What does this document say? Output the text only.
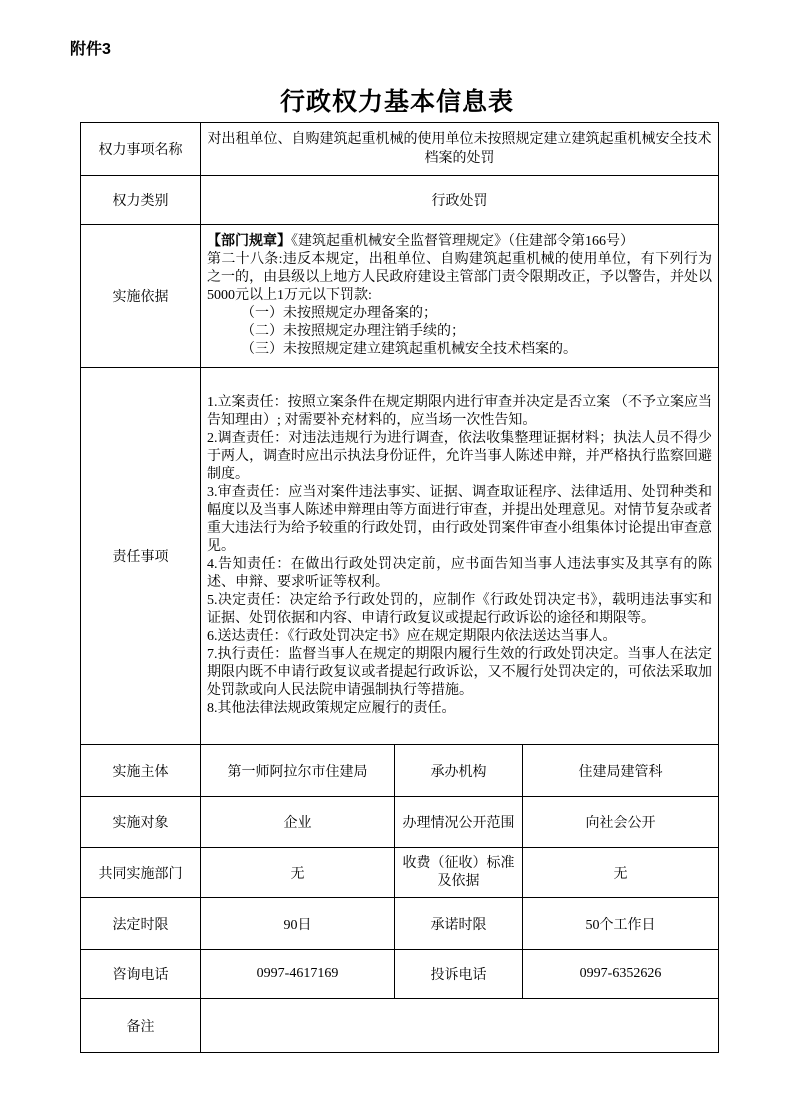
附件3
行政权力基本信息表
权力事项名称	对出租单位、自购建筑起重机械的使用单位未按照规定建立建筑起重机械安全技术档案的处罚		
权力类别	行政处罚		
实施依据	【部门规章】《建筑起重机械安全监督管理规定》（住建部令第166号）
第二十八条:违反本规定，出租单位、自购建筑起重机械的使用单位，有下列行为之一的，由县级以上地方人民政府建设主管部门责令限期改正，予以警告，并处以5000元以上1万元以下罚款:
（一）未按照规定办理备案的；
（二）未按照规定办理注销手续的；
（三）未按照规定建立建筑起重机械安全技术档案的。		

责任事项	
1.立案责任：按照立案条件在规定期限内进行审查并决定是否立案 （不予立案应当告知理由）; 对需要补充材料的，应当场一次性告知。
2.调查责任：对违法违规行为进行调查，依法收集整理证据材料；执法人员不得少于两人，调查时应出示执法身份证件，允许当事人陈述申辩，并严格执行监察回避制度。
3.审查责任：应当对案件违法事实、证据、调查取证程序、法律适用、处罚种类和幅度以及当事人陈述申辩理由等方面进行审查，并提出处理意见。对情节复杂或者重大违法行为给予较重的行政处罚，由行政处罚案件审查小组集体讨论提出审查意见。
4.告知责任：在做出行政处罚决定前，应书面告知当事人违法事实及其享有的陈述、申辩、要求听证等权利。
5.决定责任：决定给予行政处罚的，应制作《行政处罚决定书》，载明违法事实和证据、处罚依据和内容、申请行政复议或提起行政诉讼的途径和期限等。
6.送达责任：《行政处罚决定书》应在规定期限内依法送达当事人。
7.执行责任：监督当事人在规定的期限内履行生效的行政处罚决定。当事人在法定期限内既不申请行政复议或者提起行政诉讼，又不履行处罚决定的，可依法采取加处罚款或向人民法院申请强制执行等措施。
8.其他法律法规政策规定应履行的责任。

实施主体	第一师阿拉尔市住建局	承办机构	住建局建管科
实施对象	企业	办理情况公开范围	向社会公开
共同实施部门	无	收费（征收）标准及依据	无
法定时限	90日	承诺时限	50个工作日
咨询电话	0997-4617169	投诉电话	0997-6352626
备注			
